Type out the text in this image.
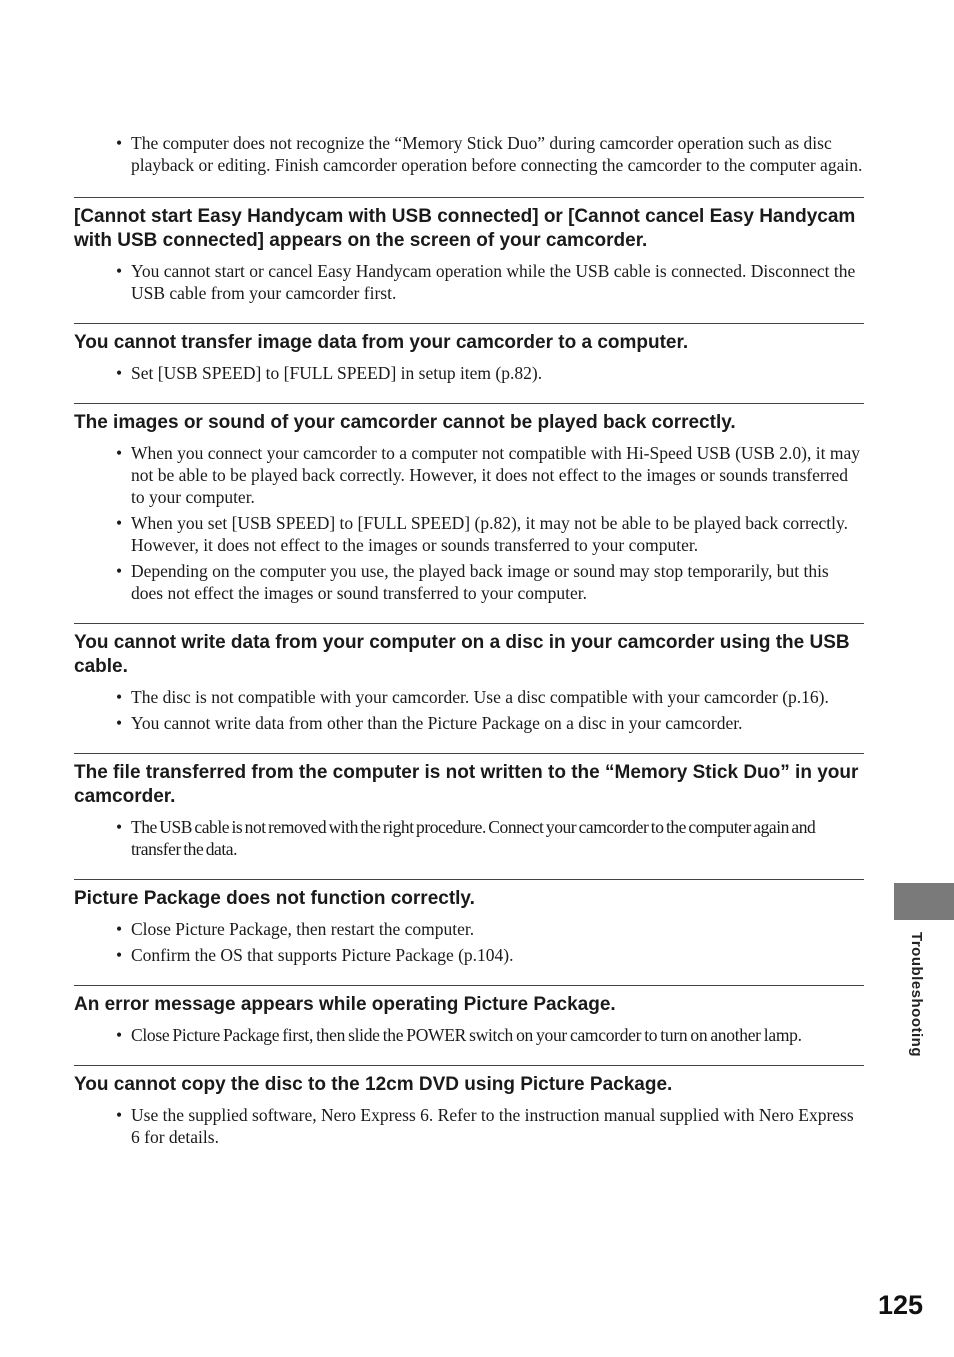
• The computer does not recognize the “Memory Stick Duo” during camcorder operation such as disc playback or editing. Finish camcorder operation before connecting the camcorder to the computer again.
[Cannot start Easy Handycam with USB connected] or [Cannot cancel Easy Handycam with USB connected] appears on the screen of your camcorder.
• You cannot start or cancel Easy Handycam operation while the USB cable is connected. Disconnect the USB cable from your camcorder first.
You cannot transfer image data from your camcorder to a computer.
• Set [USB SPEED] to [FULL SPEED] in setup item (p.82).
The images or sound of your camcorder cannot be played back correctly.
• When you connect your camcorder to a computer not compatible with Hi-Speed USB (USB 2.0), it may not be able to be played back correctly. However, it does not effect to the images or sounds transferred to your computer.
• When you set [USB SPEED] to [FULL SPEED] (p.82), it may not be able to be played back correctly. However, it does not effect to the images or sounds transferred to your computer.
• Depending on the computer you use, the played back image or sound may stop temporarily, but this does not effect the images or sound transferred to your computer.
You cannot write data from your computer on a disc in your camcorder using the USB cable.
• The disc is not compatible with your camcorder. Use a disc compatible with your camcorder (p.16).
• You cannot write data from other than the Picture Package on a disc in your camcorder.
The file transferred from the computer is not written to the “Memory Stick Duo” in your camcorder.
• The USB cable is not removed with the right procedure. Connect your camcorder to the computer again and transfer the data.
Picture Package does not function correctly.
• Close Picture Package, then restart the computer.
• Confirm the OS that supports Picture Package (p.104).
An error message appears while operating Picture Package.
• Close Picture Package first, then slide the POWER switch on your camcorder to turn on another lamp.
You cannot copy the disc to the 12cm DVD using Picture Package.
• Use the supplied software, Nero Express 6. Refer to the instruction manual supplied with Nero Express 6 for details.
Troubleshooting
125
